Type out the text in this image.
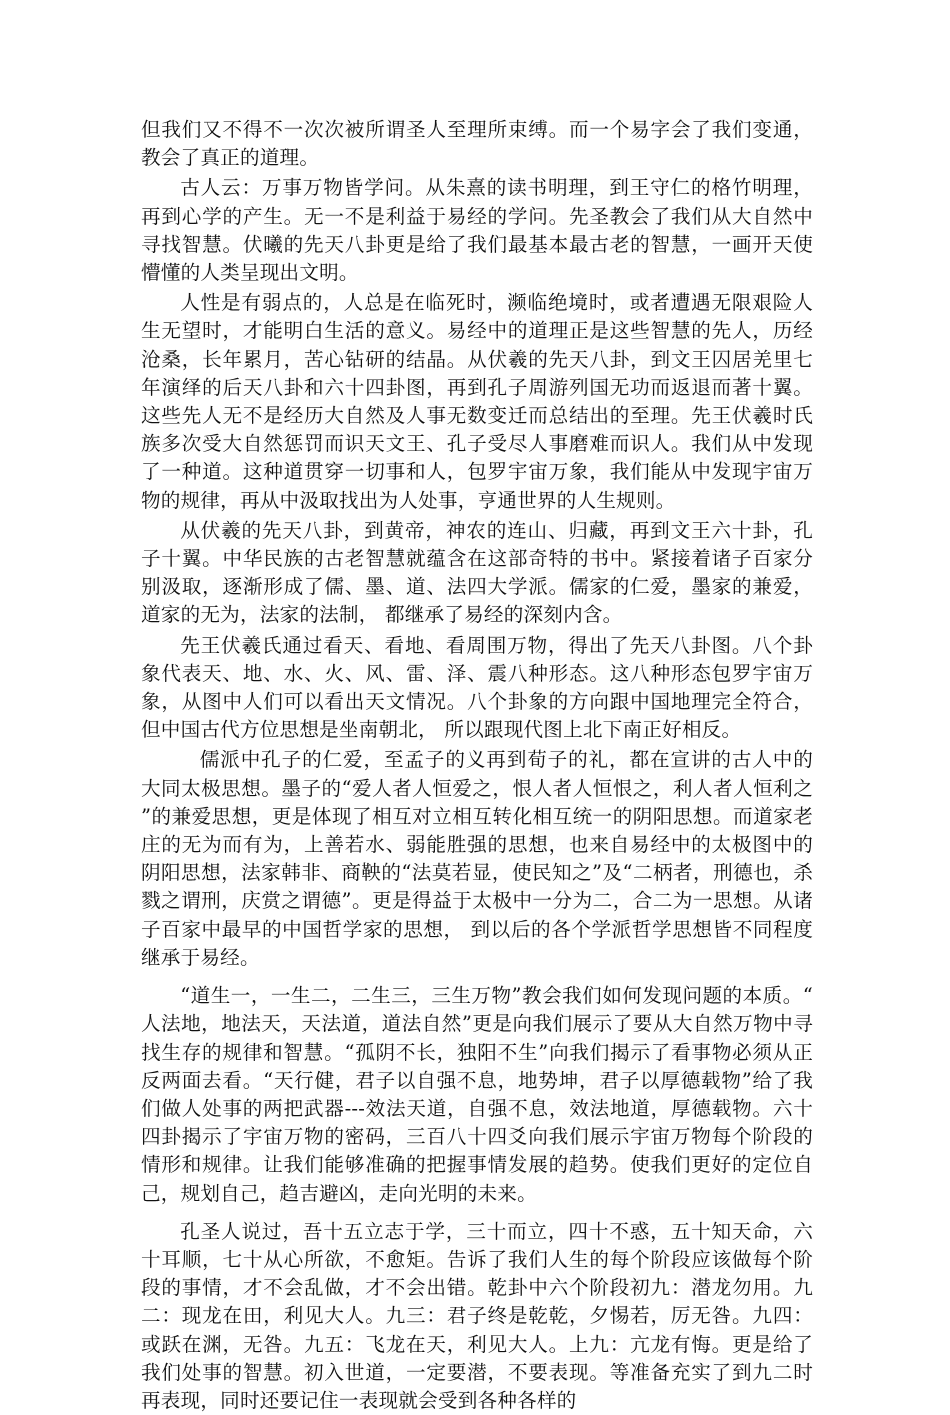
但我们又不得不一次次被所谓圣人至理所束缚。而一个易字会了我们变通，教会了真正的道理。

古人云：万事万物皆学问。从朱熹的读书明理，到王守仁的格竹明理，再到心学的产生。无一不是利益于易经的学问。先圣教会了我们从大自然中寻找智慧。伏曦的先天八卦更是给了我们最基本最古老的智慧，一画开天使懵懂的人类呈现出文明。

人性是有弱点的，人总是在临死时，濒临绝境时，或者遭遇无限艰险人生无望时，才能明白生活的意义。易经中的道理正是这些智慧的先人，历经沧桑，长年累月，苦心钻研的结晶。从伏羲的先天八卦，到文王囚居羌里七年演绎的后天八卦和六十四卦图，再到孔子周游列国无功而返退而著十翼。这些先人无不是经历大自然及人事无数变迁而总结出的至理。先王伏羲时氏族多次受大自然惩罚而识天文王、孔子受尽人事磨难而识人。我们从中发现了一种道。这种道贯穿一切事和人，包罗宇宙万象，我们能从中发现宇宙万物的规律，再从中汲取找出为人处事，亨通世界的人生规则。

从伏羲的先天八卦，到黄帝，神农的连山、归藏，再到文王六十卦，孔子十翼。中华民族的古老智慧就蕴含在这部奇特的书中。紧接着诸子百家分别汲取，逐渐形成了儒、墨、道、法四大学派。儒家的仁爱，墨家的兼爱，道家的无为，法家的法制， 都继承了易经的深刻内含。

先王伏羲氏通过看天、看地、看周围万物，得出了先天八卦图。八个卦象代表天、地、水、火、风、雷、泽、震八种形态。这八种形态包罗宇宙万象，从图中人们可以看出天文情况。八个卦象的方向跟中国地理完全符合，但中国古代方位思想是坐南朝北， 所以跟现代图上北下南正好相反。

儒派中孔子的仁爱，至孟子的义再到荀子的礼，都在宣讲的古人中的大同太极思想。墨子的“爱人者人恒爱之，恨人者人恒恨之，利人者人恒利之”的兼爱思想，更是体现了相互对立相互转化相互统一的阴阳思想。而道家老庄的无为而有为，上善若水、弱能胜强的思想，也来自易经中的太极图中的阴阳思想，法家韩非、商鞅的“法莫若显，使民知之”及“二柄者，刑德也，杀戮之谓刑，庆赏之谓德”。更是得益于太极中一分为二，合二为一思想。从诸子百家中最早的中国哲学家的思想， 到以后的各个学派哲学思想皆不同程度继承于易经。

“道生一，一生二，二生三，三生万物”教会我们如何发现问题的本质。“人法地，地法天，天法道，道法自然”更是向我们展示了要从大自然万物中寻找生存的规律和智慧。“孤阴不长，独阳不生”向我们揭示了看事物必须从正反两面去看。“天行健，君子以自强不息，地势坤，君子以厚德载物”给了我们做人处事的两把武器---效法天道，自强不息，效法地道，厚德载物。六十四卦揭示了宇宙万物的密码，三百八十四爻向我们展示宇宙万物每个阶段的情形和规律。让我们能够准确的把握事情发展的趋势。使我们更好的定位自己，规划自己，趋吉避凶，走向光明的未来。

孔圣人说过，吾十五立志于学，三十而立，四十不惑，五十知天命，六十耳顺，七十从心所欲，不愈矩。告诉了我们人生的每个阶段应该做每个阶段的事情，才不会乱做，才不会出错。乾卦中六个阶段初九：潜龙勿用。九二：现龙在田，利见大人。九三：君子终是乾乾，夕惕若，厉无咎。九四：或跃在渊，无咎。九五：飞龙在天，利见大人。上九：亢龙有悔。更是给了我们处事的智慧。初入世道，一定要潜，不要表现。等准备充实了到九二时再表现，同时还要记住一表现就会受到各种各样的
